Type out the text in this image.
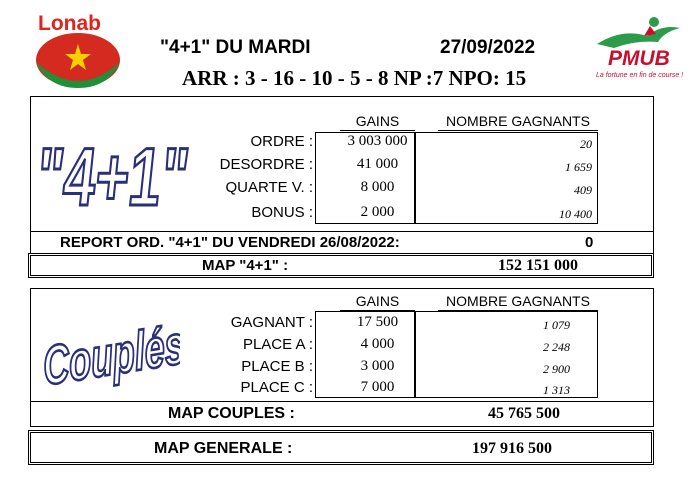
Lonab
"4+1" DU MARDI	27/09/2022
ARR : 3 - 16 - 10 - 5 - 8 NP :7 NPO: 15
PMUB
La fortune en fin de course !
"4+1"
GAINS	NOMBRE GAGNANTS
ORDRE :	3 003 000	20
DESORDRE :	41 000	1 659
QUARTE V. :	8 000	409
BONUS :	2 000	10 400
REPORT ORD. "4+1" DU VENDREDI 26/08/2022:	0
MAP "4+1" :	152 151 000
Couplés
GAINS	NOMBRE GAGNANTS
GAGNANT :	17 500	1 079
PLACE A :	4 000	2 248
PLACE B :	3 000	2 900
PLACE C :	7 000	1 313
MAP COUPLES :	45 765 500
MAP GENERALE :	197 916 500
